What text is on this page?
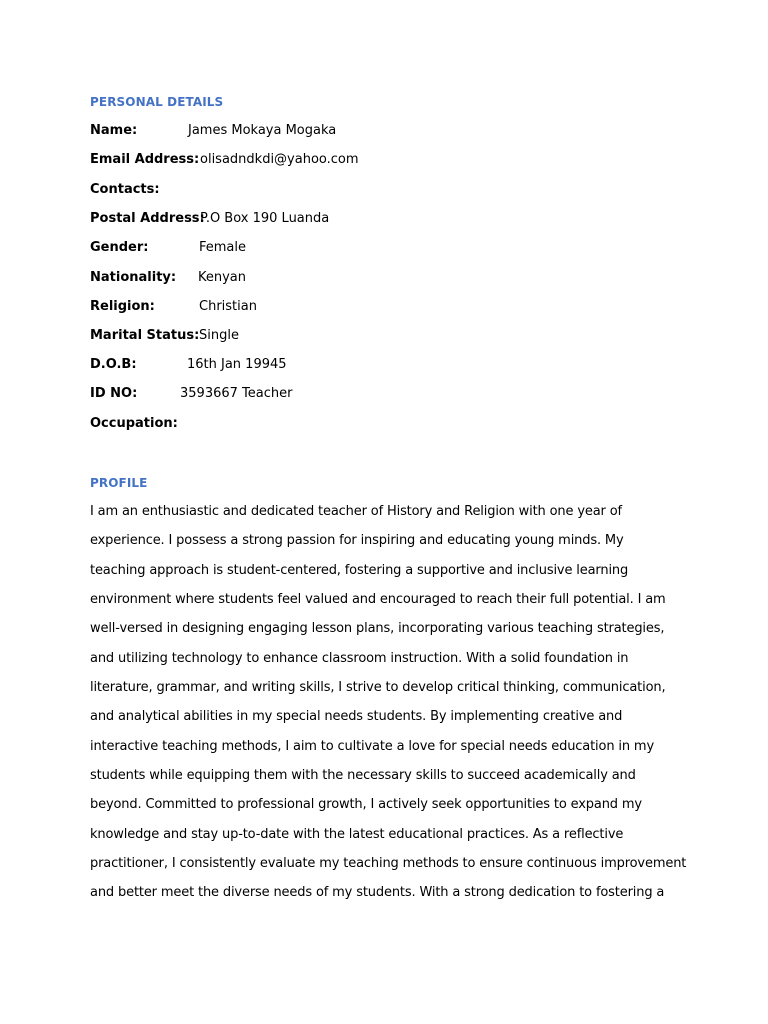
PERSONAL DETAILS
Name:	James Mokaya Mogaka
Email Address: olisadndkdi@yahoo.com
Contacts:
Postal Address:
P.O Box 190 Luanda
Gender:	Female
Nationality: Kenyan
Religion:	Christian
Marital Status: Single
D.O.B:	16th Jan 19945
ID NO:	3593667 Teacher
Occupation:
PROFILE
I am an enthusiastic and dedicated teacher of History and Religion with one year of
experience. I possess a strong passion for inspiring and educating young minds. My
teaching approach is student-centered, fostering a supportive and inclusive learning
environment where students feel valued and encouraged to reach their full potential. I am
well-versed in designing engaging lesson plans, incorporating various teaching strategies,
and utilizing technology to enhance classroom instruction. With a solid foundation in
literature, grammar, and writing skills, I strive to develop critical thinking, communication,
and analytical abilities in my special needs students. By implementing creative and
interactive teaching methods, I aim to cultivate a love for special needs education in my
students while equipping them with the necessary skills to succeed academically and
beyond. Committed to professional growth, I actively seek opportunities to expand my
knowledge and stay up-to-date with the latest educational practices. As a reflective
practitioner, I consistently evaluate my teaching methods to ensure continuous improvement
and better meet the diverse needs of my students. With a strong dedication to fostering a
